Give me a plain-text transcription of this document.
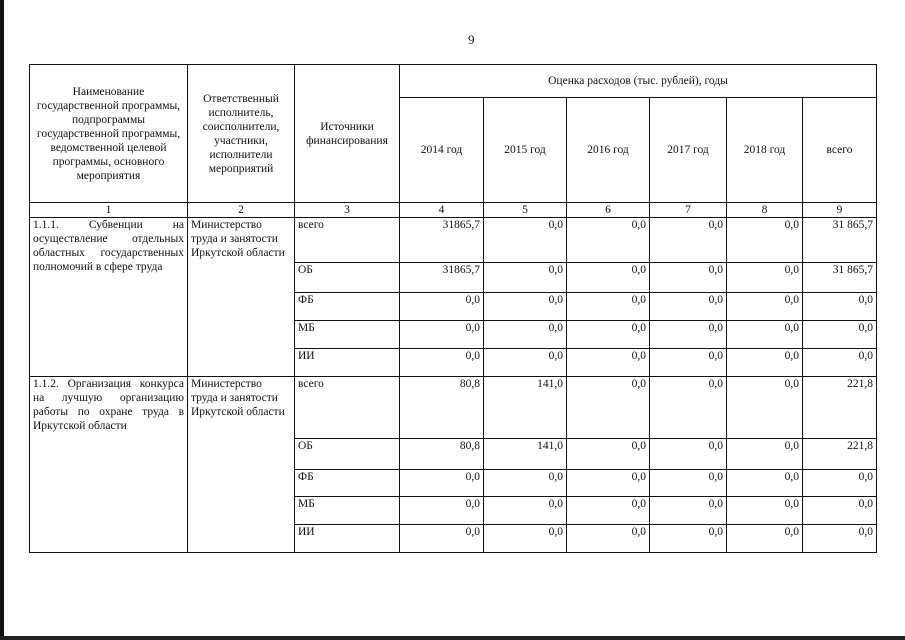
9
Наименование государственной программы, подпрограммы государственной программы, ведомственной целевой программы, основного мероприятия	Ответственный исполнитель, соисполнители, участники, исполнители мероприятий	Источники финансирования	Оценка расходов (тыс. рублей), годы					
			2014 год	2015 год	2016 год	2017 год	2018 год	всего
1	2	3	4	5	6	7	8	9
1.1.1. Субвенции на осуществление отдельных областных государственных полномочий в сфере труда	Министерство труда и занятости Иркутской области	всего	31865,7	0,0	0,0	0,0	0,0	31 865,7
		ОБ	31865,7	0,0	0,0	0,0	0,0	31 865,7
		ФБ	0,0	0,0	0,0	0,0	0,0	0,0
		МБ	0,0	0,0	0,0	0,0	0,0	0,0
		ИИ	0,0	0,0	0,0	0,0	0,0	0,0
1.1.2. Организация конкурса на лучшую организацию работы по охране труда в Иркутской области	Министерство труда и занятости Иркутской области	всего	80,8	141,0	0,0	0,0	0,0	221,8
		ОБ	80,8	141,0	0,0	0,0	0,0	221,8
		ФБ	0,0	0,0	0,0	0,0	0,0	0,0
		МБ	0,0	0,0	0,0	0,0	0,0	0,0
		ИИ	0,0	0,0	0,0	0,0	0,0	0,0
